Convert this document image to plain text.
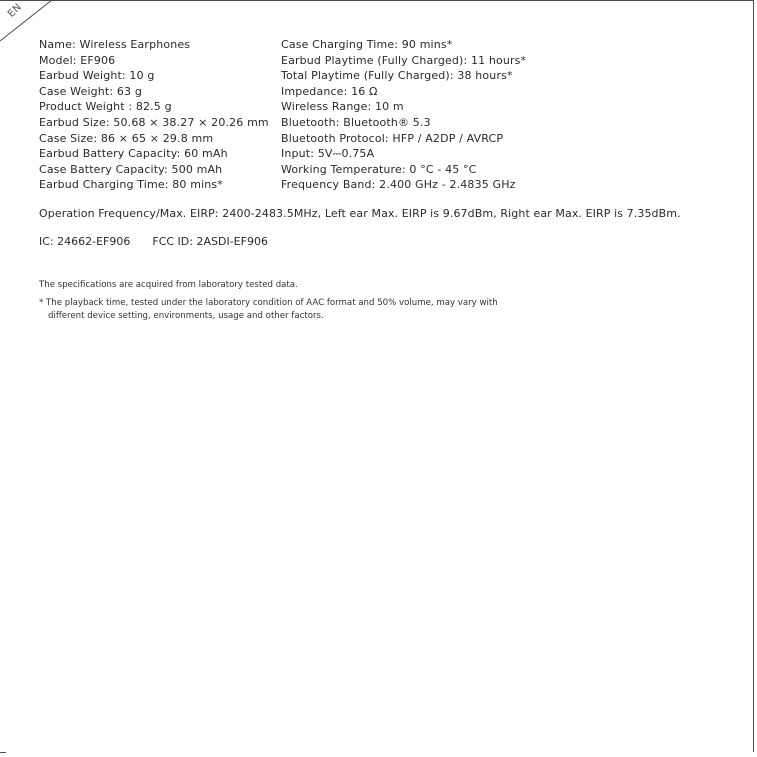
EN
Name: Wireless Earphones
Model: EF906
Earbud Weight: 10 g
Case Weight: 63 g
Product Weight : 82.5 g
Earbud Size: 50.68 × 38.27 × 20.26 mm
Case Size: 86 × 65 × 29.8 mm
Earbud Battery Capacity: 60 mAh
Case Battery Capacity: 500 mAh
Earbud Charging Time: 80 mins*
Case Charging Time: 90 mins*
Earbud Playtime (Fully Charged): 11 hours*
Total Playtime (Fully Charged): 38 hours*
Impedance: 16 Ω
Wireless Range: 10 m
Bluetooth: Bluetooth® 5.3
Bluetooth Protocol: HFP / A2DP / AVRCP
Input: 5V⎓0.75A
Working Temperature: 0 °C - 45 °C
Frequency Band: 2.400 GHz - 2.4835 GHz
Operation Frequency/Max. EIRP: 2400-2483.5MHz, Left ear Max. EIRP is 9.67dBm, Right ear Max. EIRP is 7.35dBm.
IC: 24662-EF906 FCC ID: 2ASDI-EF906
The specifications are acquired from laboratory tested data.
* The playback time, tested under the laboratory condition of AAC format and 50% volume, may vary with
different device setting, environments, usage and other factors.
